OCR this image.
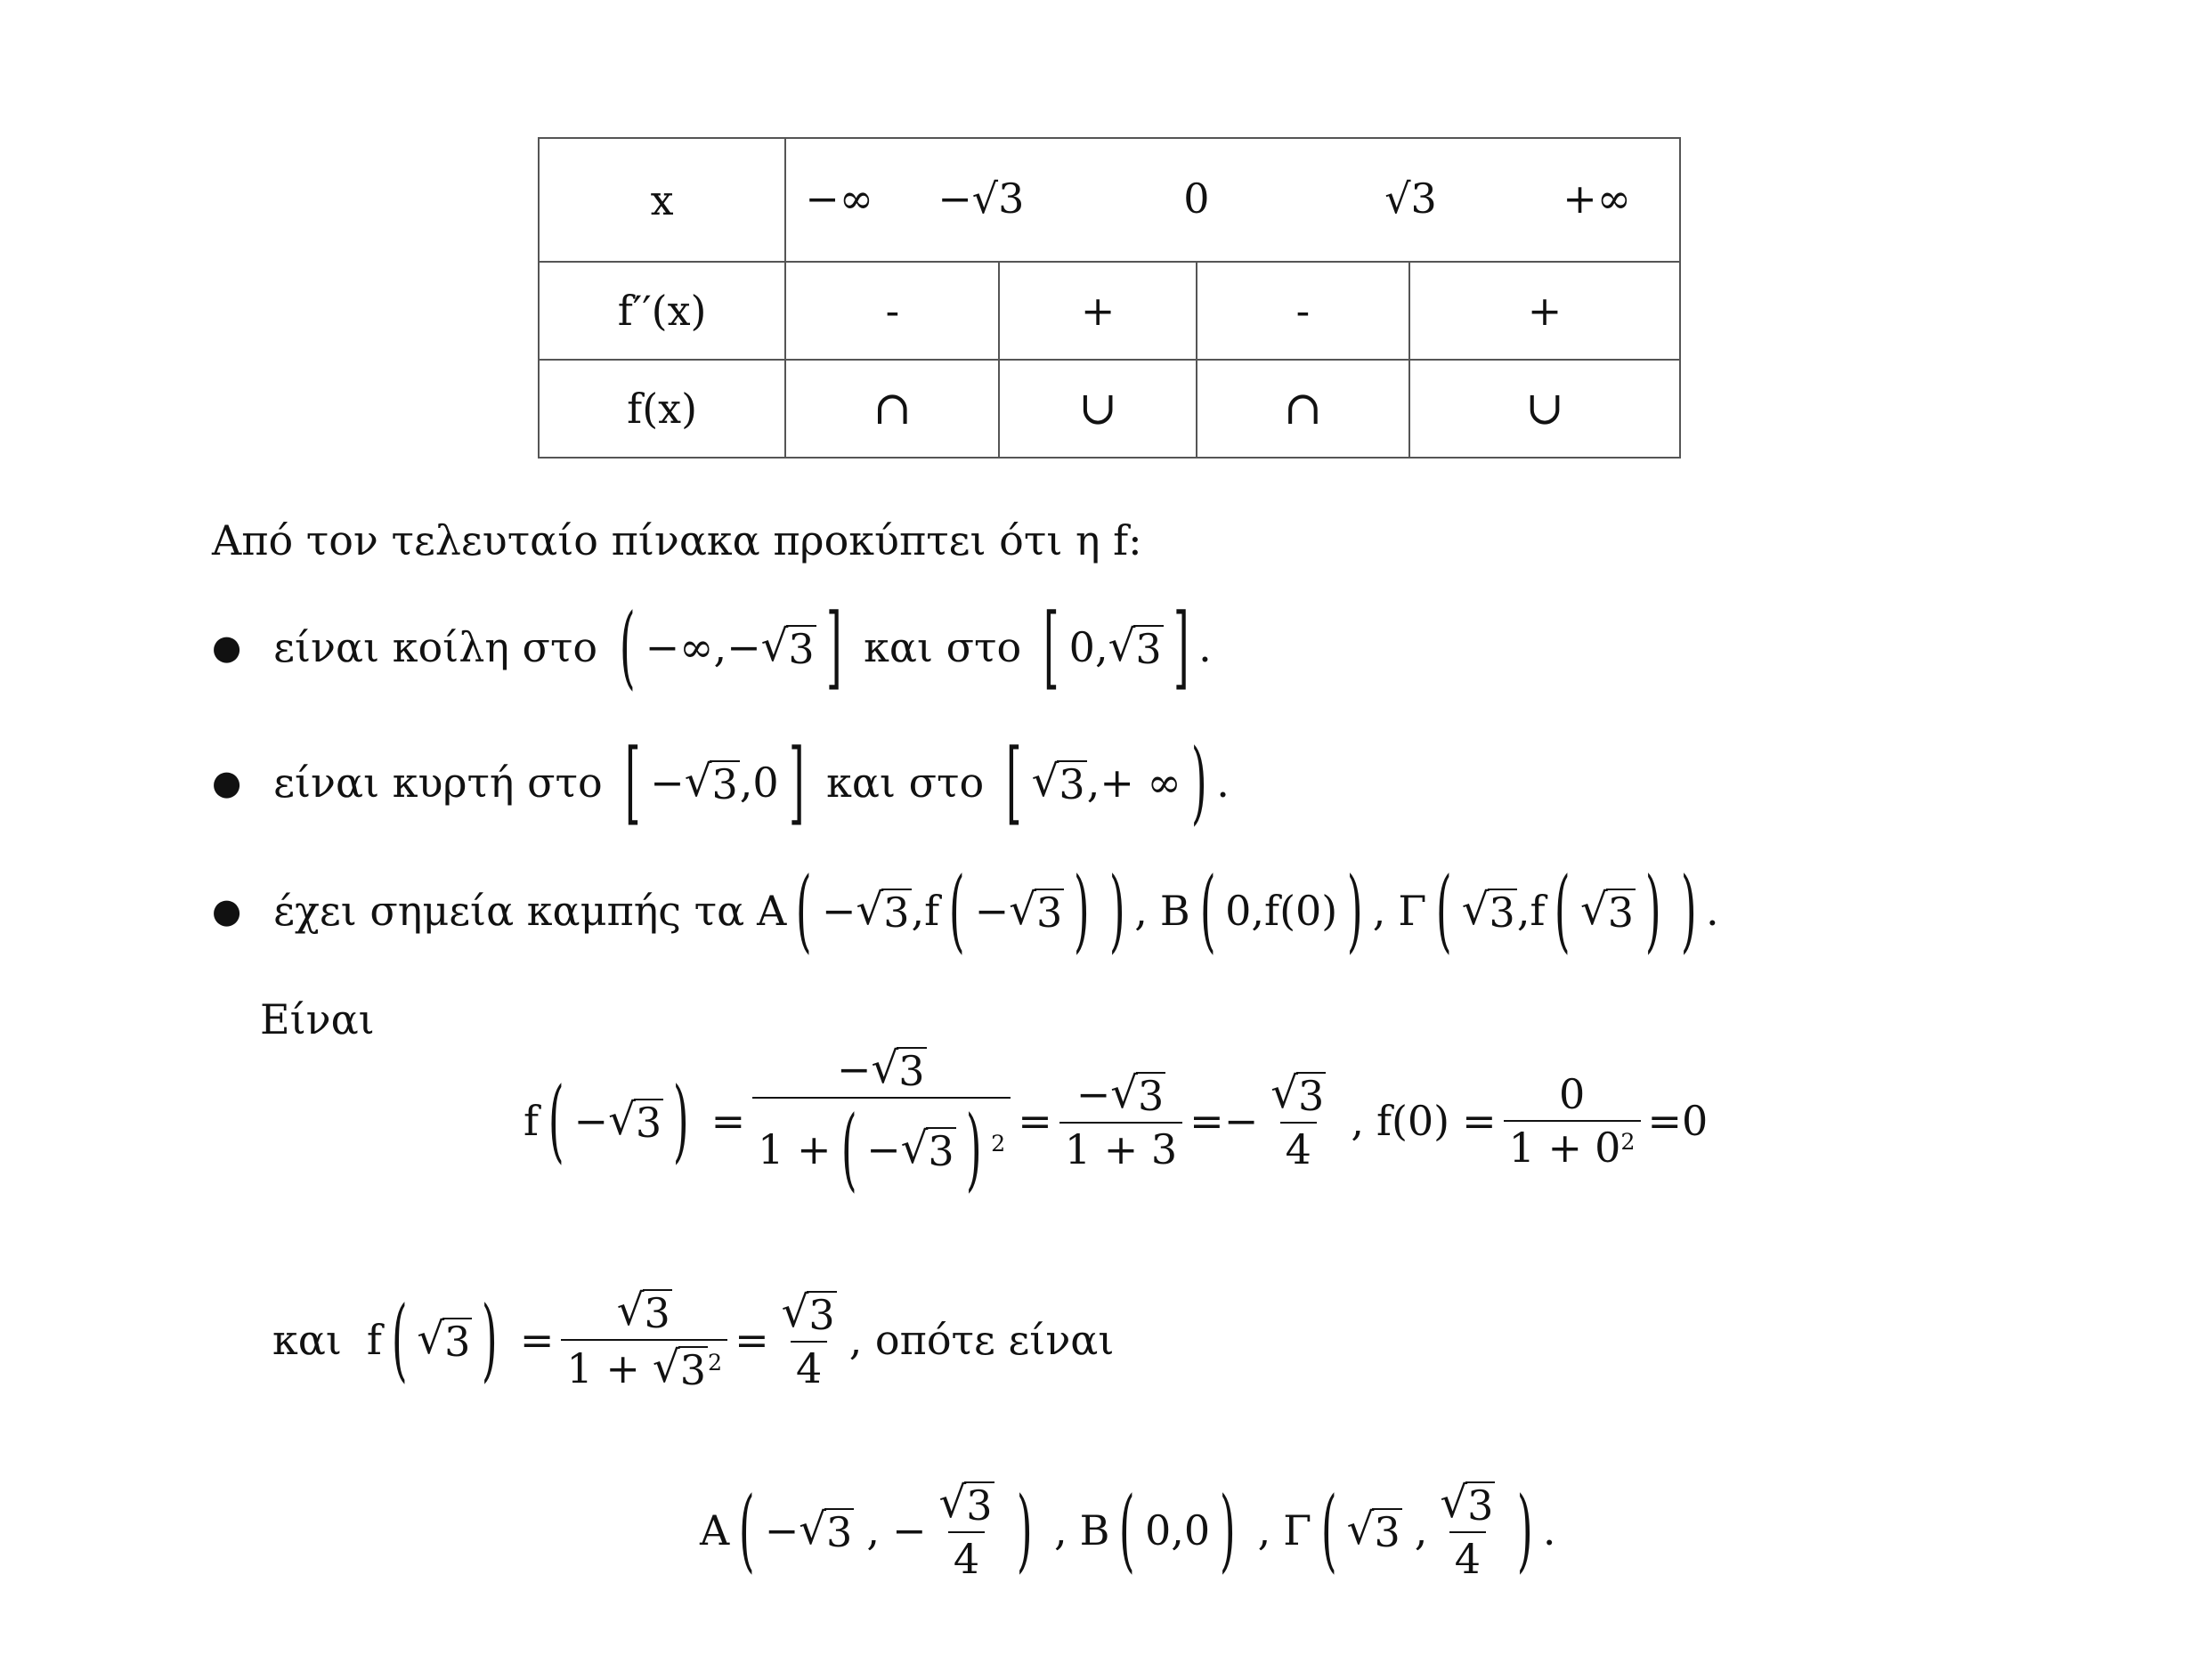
x	−∞ −√3 0 √3 +∞			

f′′(x)	-	+	-	+
f(x)	∩	∪	∩	∪
Από τον τελευταίο πίνακα προκύπτει ότι η f:
● είναι κοίλη στο ( − ∞ , − √ 3 ] και στο [ 0 , √ 3 ] .
● είναι κυρτή στο [ − √ 3 , 0 ] και στο [ √ 3 , + ∞ ) .
● έχει σημεία καμπής τα A ( − √ 3 , f ( − √ 3 ) ) , B ( 0 , f(0) ) , Γ ( √ 3 , f ( √ 3 ) ) .
Είναι
f ( − √ 3 ) = $\frac{- √ 3}{1 + ( - √ 3 ) 2} = \frac{- √ 3}{1 + 3}$ = − $\frac{√ 3}{4}$ , $f(0) = \frac{0}{1 + 0 2} = 0$
και f ( √ 3 ) = $\frac{√ 3}{1 + √ 3 2} = \frac{√ 3}{4}$ , οπότε είναι
A ( − √ 3 , − $\frac{√ 3}{4}$ ) , B ( 0 , 0 ) , Γ ( √ 3 , $\frac{√ 3}{4}$ ) .
